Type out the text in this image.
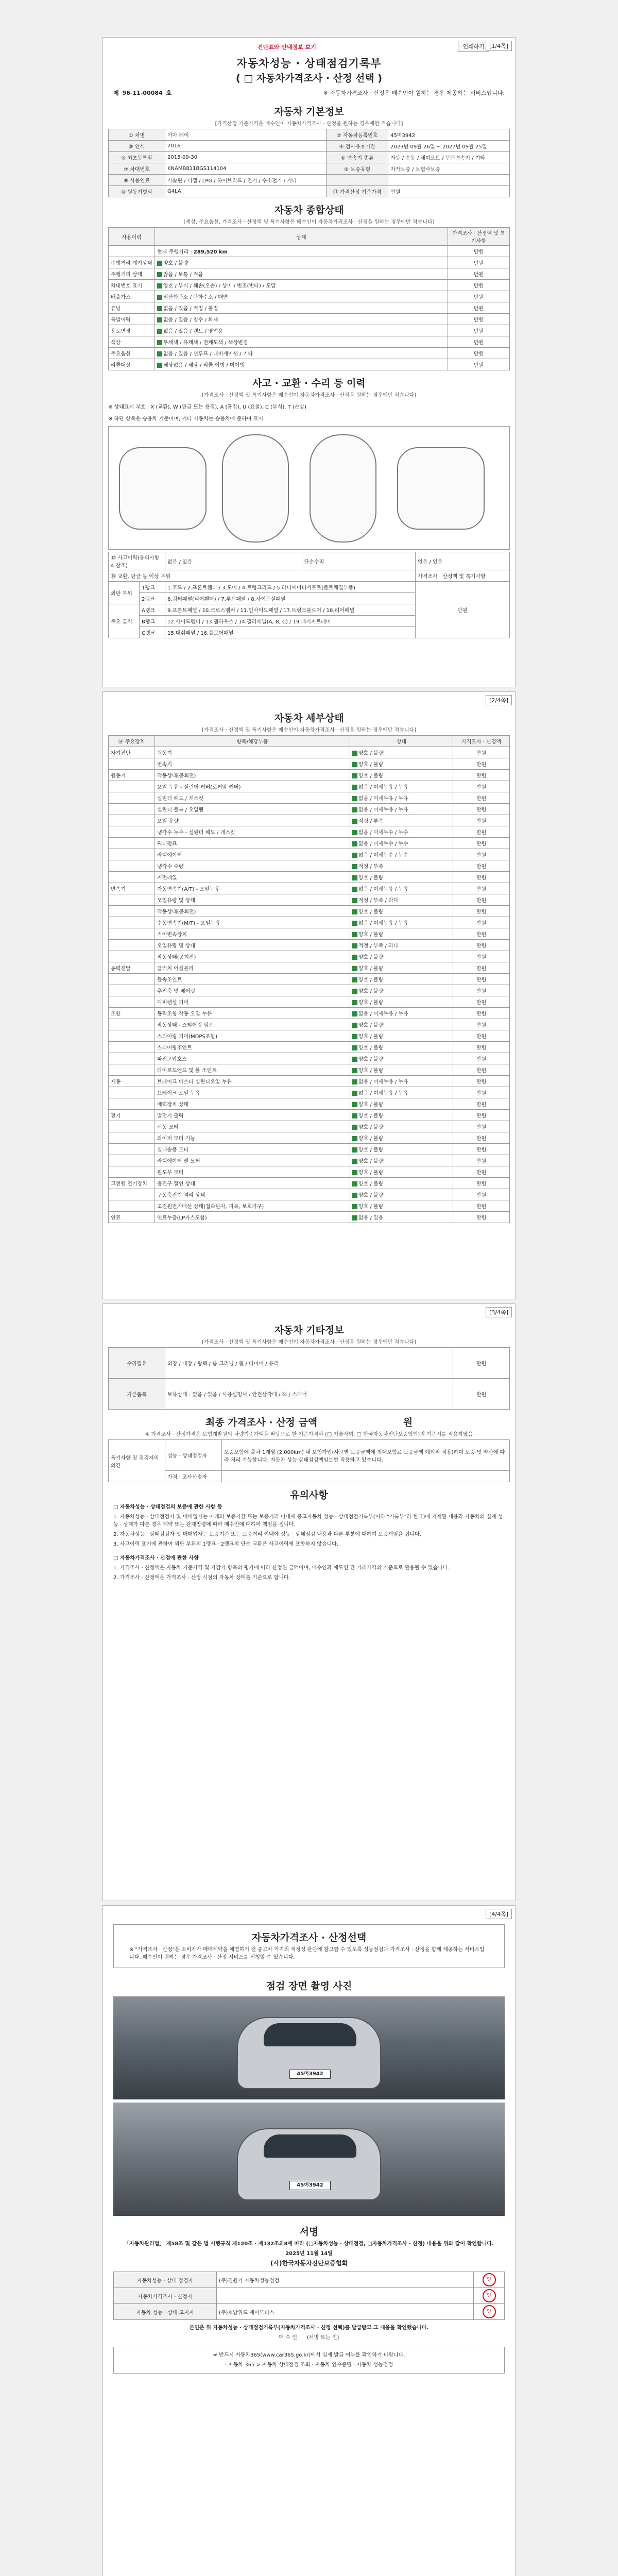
진단표와 안내정보 보기	인쇄하기 [1/4쪽]
자동차성능 · 상태점검기록부
( □ 자동차가격조사 · 산정 선택 )
제 96-11-00084 호	※ 자동차가격조사 · 산정은 매수인이 원하는 경우 제공하는 서비스입니다.
자동차 기본정보
[가격산정 기준가격은 매수인이 자동차가격조사 · 산정을 원하는 경우에만 적습니다]
① 차명	기아 레이	② 자동차등록번호	45머3942
③ 연식	2016	④ 검사유효기간	2023년 09월 26일 ~ 2027년 09월 25일
⑤ 최초등록일	2015-09-30	⑥ 변속기 종류	자동 / 수동 / 세미오토 / 무단변속기 / 기타
⑦ 차대번호	KNAMB811BGS114104	⑧ 보증유형	자가보증 / 보험사보증
⑨ 사용연료	가솔린 / 디젤 / LPG / 하이브리드 / 전기 / 수소전기 / 기타		
⑩ 원동기형식	G4LA	⑪ 가격산정 기준가격	만원
자동차 종합상태
[색상, 주요옵션, 가격조사 · 산정액 및 특기사항은 매수인이 자동차가격조사 · 산정을 원하는 경우에만 적습니다]
사용이력	상태	가격조사 · 산정액 및 특기사항
	현재 주행거리 : 289,520 km	만원
주행거리 계기상태	양호 / 불량	만원
주행거리 상태	많음 / 보통 / 적음	만원
차대번호 표기	양호 / 부식 / 훼손(오손) / 상이 / 변조(변타) / 도말	만원
배출가스	일산화탄소 / 탄화수소 / 매연	만원
튜닝	없음 / 있음 / 적법 / 불법	만원
특별이력	없음 / 있음 / 침수 / 화재	만원
용도변경	없음 / 있음 / 렌트 / 영업용	만원
색상	무채색 / 유채색 / 전체도색 / 색상변경	만원
주요옵션	없음 / 있음 / 선루프 / 내비게이션 / 기타	만원
리콜대상	해당없음 / 해당 / 리콜 이행 / 미이행	만원
사고 · 교환 · 수리 등 이력
[가격조사 · 산정액 및 특기사항은 매수인이 자동차가격조사 · 산정을 원하는 경우에만 적습니다]
※ 상태표시 부호 : X (교환), W (판금 또는 용접), A (흠집), U (요철), C (부식), T (손상)
※ 하단 항목은 승용차 기준이며, 기타 자동차는 승용차에 준하여 표시
⑫ 사고이력(유의사항 4 참조)		없음 / 있음	단순수리	없음 / 있음
⑬ 교환, 판금 등 이상 부위				가격조사 · 산정액 및 특기사항
외판 부위	1랭크	1.후드 / 2.프론트휀더 / 3.도어 / 4.트렁크리드 / 5.라디에이터서포트(볼트체결부품)		만원
	2랭크	6.쿼터패널(리어휀더) / 7.루프패널 / 8.사이드실패널		
주요 골격	A랭크	9.프론트패널 / 10.크로스멤버 / 11.인사이드패널 / 17.트렁크플로어 / 18.리어패널		
	B랭크	12.사이드멤버 / 13.휠하우스 / 14.필러패널(A, B, C) / 19.패키지트레이		
	C랭크	15.대쉬패널 / 16.플로어패널		
[2/4쪽]
자동차 세부상태
[가격조사 · 산정액 및 특기사항은 매수인이 자동차가격조사 · 산정을 원하는 경우에만 적습니다]
⑭ 주요장치	항목/해당부품	상태	가격조사 · 산정액
자기진단	원동기	양호 / 불량	만원
	변속기	양호 / 불량	만원
원동기	작동상태(공회전)	양호 / 불량	만원
	오일 누유 - 실린더 커버(로커암 커버)	없음 / 미세누유 / 누유	만원
	실린더 헤드 / 개스킷	없음 / 미세누유 / 누유	만원
	실린더 블록 / 오일팬	없음 / 미세누유 / 누유	만원
	오일 유량	적정 / 부족	만원
	냉각수 누수 - 실린더 헤드 / 개스킷	없음 / 미세누수 / 누수	만원
	워터펌프	없음 / 미세누수 / 누수	만원
	라디에이터	없음 / 미세누수 / 누수	만원
	냉각수 수량	적정 / 부족	만원
	커먼레일	양호 / 불량	만원
변속기	자동변속기(A/T) - 오일누유	없음 / 미세누유 / 누유	만원
	오일유량 및 상태	적정 / 부족 / 과다	만원
	작동상태(공회전)	양호 / 불량	만원
	수동변속기(M/T) - 오일누유	없음 / 미세누유 / 누유	만원
	기어변속장치	양호 / 불량	만원
	오일유량 및 상태	적정 / 부족 / 과다	만원
	작동상태(공회전)	양호 / 불량	만원
동력전달	클러치 어셈블리	양호 / 불량	만원
	등속조인트	양호 / 불량	만원
	추진축 및 베어링	양호 / 불량	만원
	디퍼렌셜 기어	양호 / 불량	만원
조향	동력조향 작동 오일 누유	없음 / 미세누유 / 누유	만원
	작동상태 - 스티어링 펌프	양호 / 불량	만원
	스티어링 기어(MDPS포함)	양호 / 불량	만원
	스티어링조인트	양호 / 불량	만원
	파워고압호스	양호 / 불량	만원
	타이로드엔드 및 볼 조인트	양호 / 불량	만원
제동	브레이크 마스터 실린더오일 누유	없음 / 미세누유 / 누유	만원
	브레이크 오일 누유	없음 / 미세누유 / 누유	만원
	배력장치 상태	양호 / 불량	만원
전기	발전기 출력	양호 / 불량	만원
	시동 모터	양호 / 불량	만원
	와이퍼 모터 기능	양호 / 불량	만원
	실내송풍 모터	양호 / 불량	만원
	라디에이터 팬 모터	양호 / 불량	만원
	윈도우 모터	양호 / 불량	만원
고전원 전기장치	충전구 절연 상태	양호 / 불량	만원
	구동축전지 격리 상태	양호 / 불량	만원
	고전원전기배선 상태(접속단자, 피복, 보호기구)	양호 / 불량	만원
연료	연료누출(LP가스포함)	없음 / 있음	만원
[3/4쪽]
자동차 기타정보
[가격조사 · 산정액 및 특기사항은 매수인이 자동차가격조사 · 산정을 원하는 경우에만 적습니다]
수리필요	외장 / 내장 / 광택 / 룸 크리닝 / 휠 / 타이어 / 유리	만원
기본품목	보유상태 : 없음 / 있음 / 사용설명서 / 안전삼각대 / 잭 / 스패너	만원
최종 가격조사 · 산정 금액	원
※ 가격조사 · 산정가격은 보험개발원의 차량기준가액을 바탕으로 한 기준가격과 (□ 기술사회, □ 한국자동차진단보증협회)의 기준서를 적용하였음
특기사항 및 점검자의 의견	성능 · 상태점검자	보증보험에 출차 1개월 (2,000km) 내 보험가입(사고별 보증금액에 최대보험료 보증금액 예외적 적용)하며 보증 및 약관에 따라 처리 가능합니다. 자동차 성능·상태점검책임보험 적용하고 있습니다.
	가격 · 조사산정자	
유의사항
□ 자동차성능 · 상태점검의 보증에 관한 사항 등
1. 자동차성능 · 상태점검자 및 매매업자는 아래의 보증기간 또는 보증거리 이내에 중고자동차 성능 · 상태점검기록부(이하 "기록부"라 한다)에 기재된 내용과 자동차의 실제 성능 · 상태가 다른 경우 계약 또는 관계법령에 따라 매수인에 대하여 책임을 집니다.
2. 자동차성능 · 상태점검자 및 매매업자는 보증기간 또는 보증거리 이내에 성능 · 상태점검 내용과 다른 부분에 대하여 보증책임을 집니다.
3. 사고이력 표기에 관하여 외판 부위의 1랭크 · 2랭크의 단순 교환은 사고이력에 포함하지 않습니다.
□ 자동차가격조사 · 산정에 관한 사항
1. 가격조사 · 산정액은 자동차 기준가격 및 가감가 항목의 평가에 따라 산정된 금액이며, 매수인과 매도인 간 거래가격의 기준으로 활용될 수 있습니다.
2. 가격조사 · 산정액은 가격조사 · 산정 시점의 자동차 상태를 기준으로 합니다.
[4/4쪽]
자동차가격조사 · 산정선택
※ "가격조사 · 산정"은 소비자가 매매계약을 체결하기 전 중고차 가격의 적정성 판단에 참고할 수 있도록 성능점검과 가격조사 · 산정을 함께 제공하는 서비스입니다. 매수인이 원하는 경우 가격조사 · 산정 서비스를 신청할 수 있습니다.
점검 장면 촬영 사진
45머3942
45머3942
서명
「자동차관리법」 제58조 및 같은 법 시행규칙 제120조 · 제132조의8에 따라 (□자동차성능 · 상태점검, □자동차가격조사 · 산정) 내용을 위와 같이 확인합니다.
2025년 11월 14일
(사)한국자동차진단보증협회
자동차성능 · 상태 점검자	(주)진원카 자동차성능점검	인
자동차가격조사 · 산정자		인
자동차 성능 · 상태 고지자	(주)호남위드 제이모터스	인
본인은 위 자동차성능 · 상태점검기록부(자동차가격조사 · 산정 선택)를 발급받고 그 내용을 확인했습니다.
매 수 인 (서명 또는 인)
※ 반드시 자동차365(www.car365.go.kr)에서 실제 발급 여부를 확인하기 바랍니다.
· 자동차 365 > 자동차 상태점검 조회 · 자동차 인수증명 · 자동차 성능점검
